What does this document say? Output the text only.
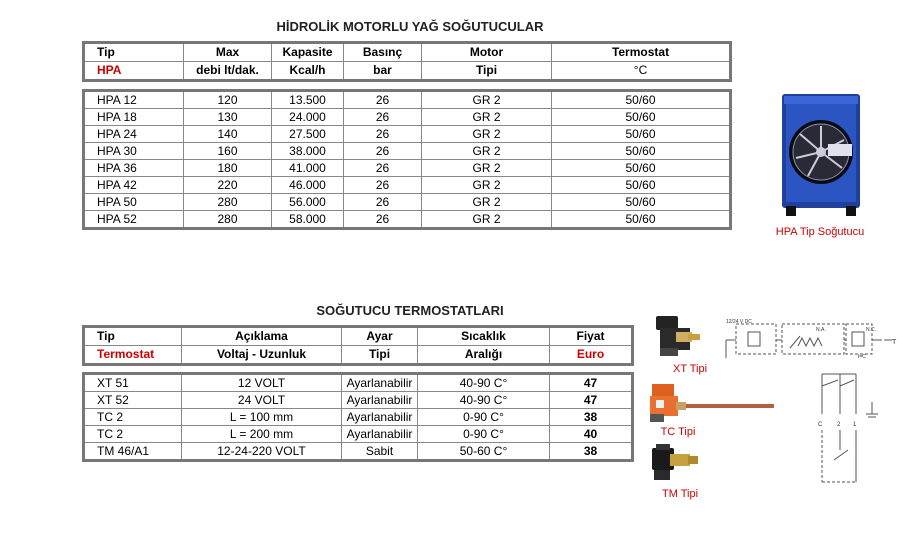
HİDROLİK MOTORLU YAĞ SOĞUTUCULAR
Tip	Max	Kapasite	Basınç	Motor	Termostat
HPA	debi lt/dak.	Kcal/h	bar	Tipi	°C
HPA 12	120	13.500	26	GR 2	50/60
HPA 18	130	24.000	26	GR 2	50/60
HPA 24	140	27.500	26	GR 2	50/60
HPA 30	160	38.000	26	GR 2	50/60
HPA 36	180	41.000	26	GR 2	50/60
HPA 42	220	46.000	26	GR 2	50/60
HPA 50	280	56.000	26	GR 2	50/60
HPA 52	280	58.000	26	GR 2	50/60
HPA Tip Soğutucu
SOĞUTUCU TERMOSTATLARI
Tip	Açıklama	Ayar	Sıcaklık	Fiyat
Termostat	Voltaj - Uzunluk	Tipi	Aralığı	Euro
XT 51	12 VOLT	Ayarlanabilir	40-90 C°	47
XT 52	24 VOLT	Ayarlanabilir	40-90 C°	47
TC 2	L = 100 mm	Ayarlanabilir	0-90 C°	38
TC 2	L = 200 mm	Ayarlanabilir	0-90 C°	40
TM 46/A1	12-24-220 VOLT	Sabit	50-60 C°	38
XT Tipi
TC Tipi
TM Tipi
12/24 V DC
N.A.	N.C.
t=C
T
C 2 1
